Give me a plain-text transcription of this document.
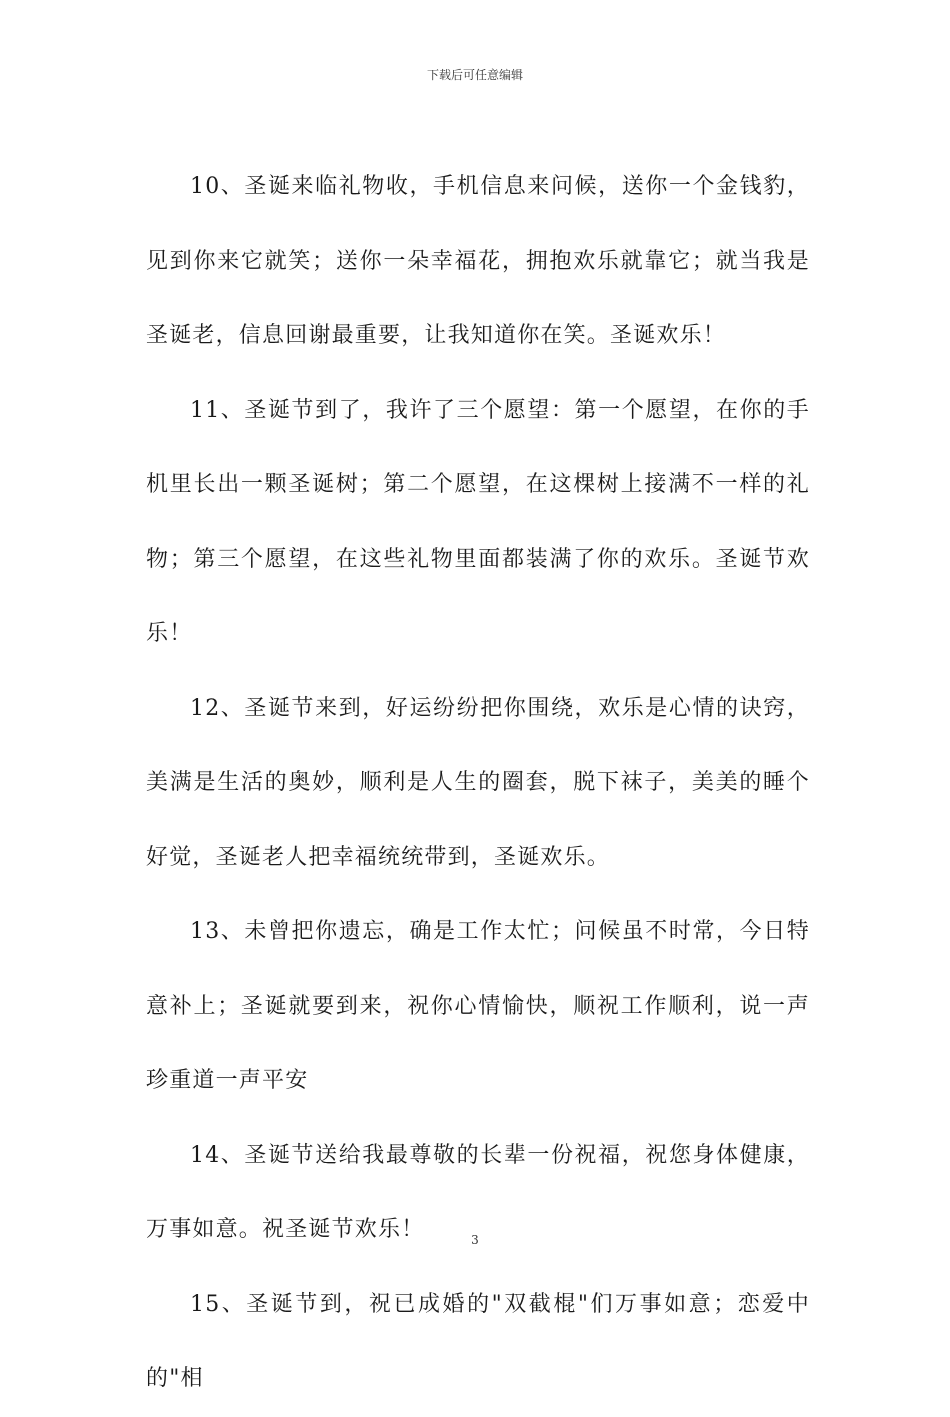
下载后可任意编辑

10、圣诞来临礼物收，手机信息来问候，送你一个金钱豹，见到你来它就笑；送你一朵幸福花，拥抱欢乐就靠它；就当我是圣诞老，信息回谢最重要，让我知道你在笑。圣诞欢乐！

11、圣诞节到了，我许了三个愿望：第一个愿望，在你的手机里长出一颗圣诞树；第二个愿望，在这棵树上接满不一样的礼物；第三个愿望，在这些礼物里面都装满了你的欢乐。圣诞节欢乐！

12、圣诞节来到，好运纷纷把你围绕，欢乐是心情的诀窍，美满是生活的奥妙，顺利是人生的圈套，脱下袜子，美美的睡个好觉，圣诞老人把幸福统统带到，圣诞欢乐。

13、未曾把你遗忘，确是工作太忙；问候虽不时常，今日特意补上；圣诞就要到来，祝你心情愉快，顺祝工作顺利，说一声珍重道一声平安

14、圣诞节送给我最尊敬的长辈一份祝福，祝您身体健康，万事如意。祝圣诞节欢乐！

15、圣诞节到，祝已成婚的"双截棍"们万事如意；恋爱中的"相

3
